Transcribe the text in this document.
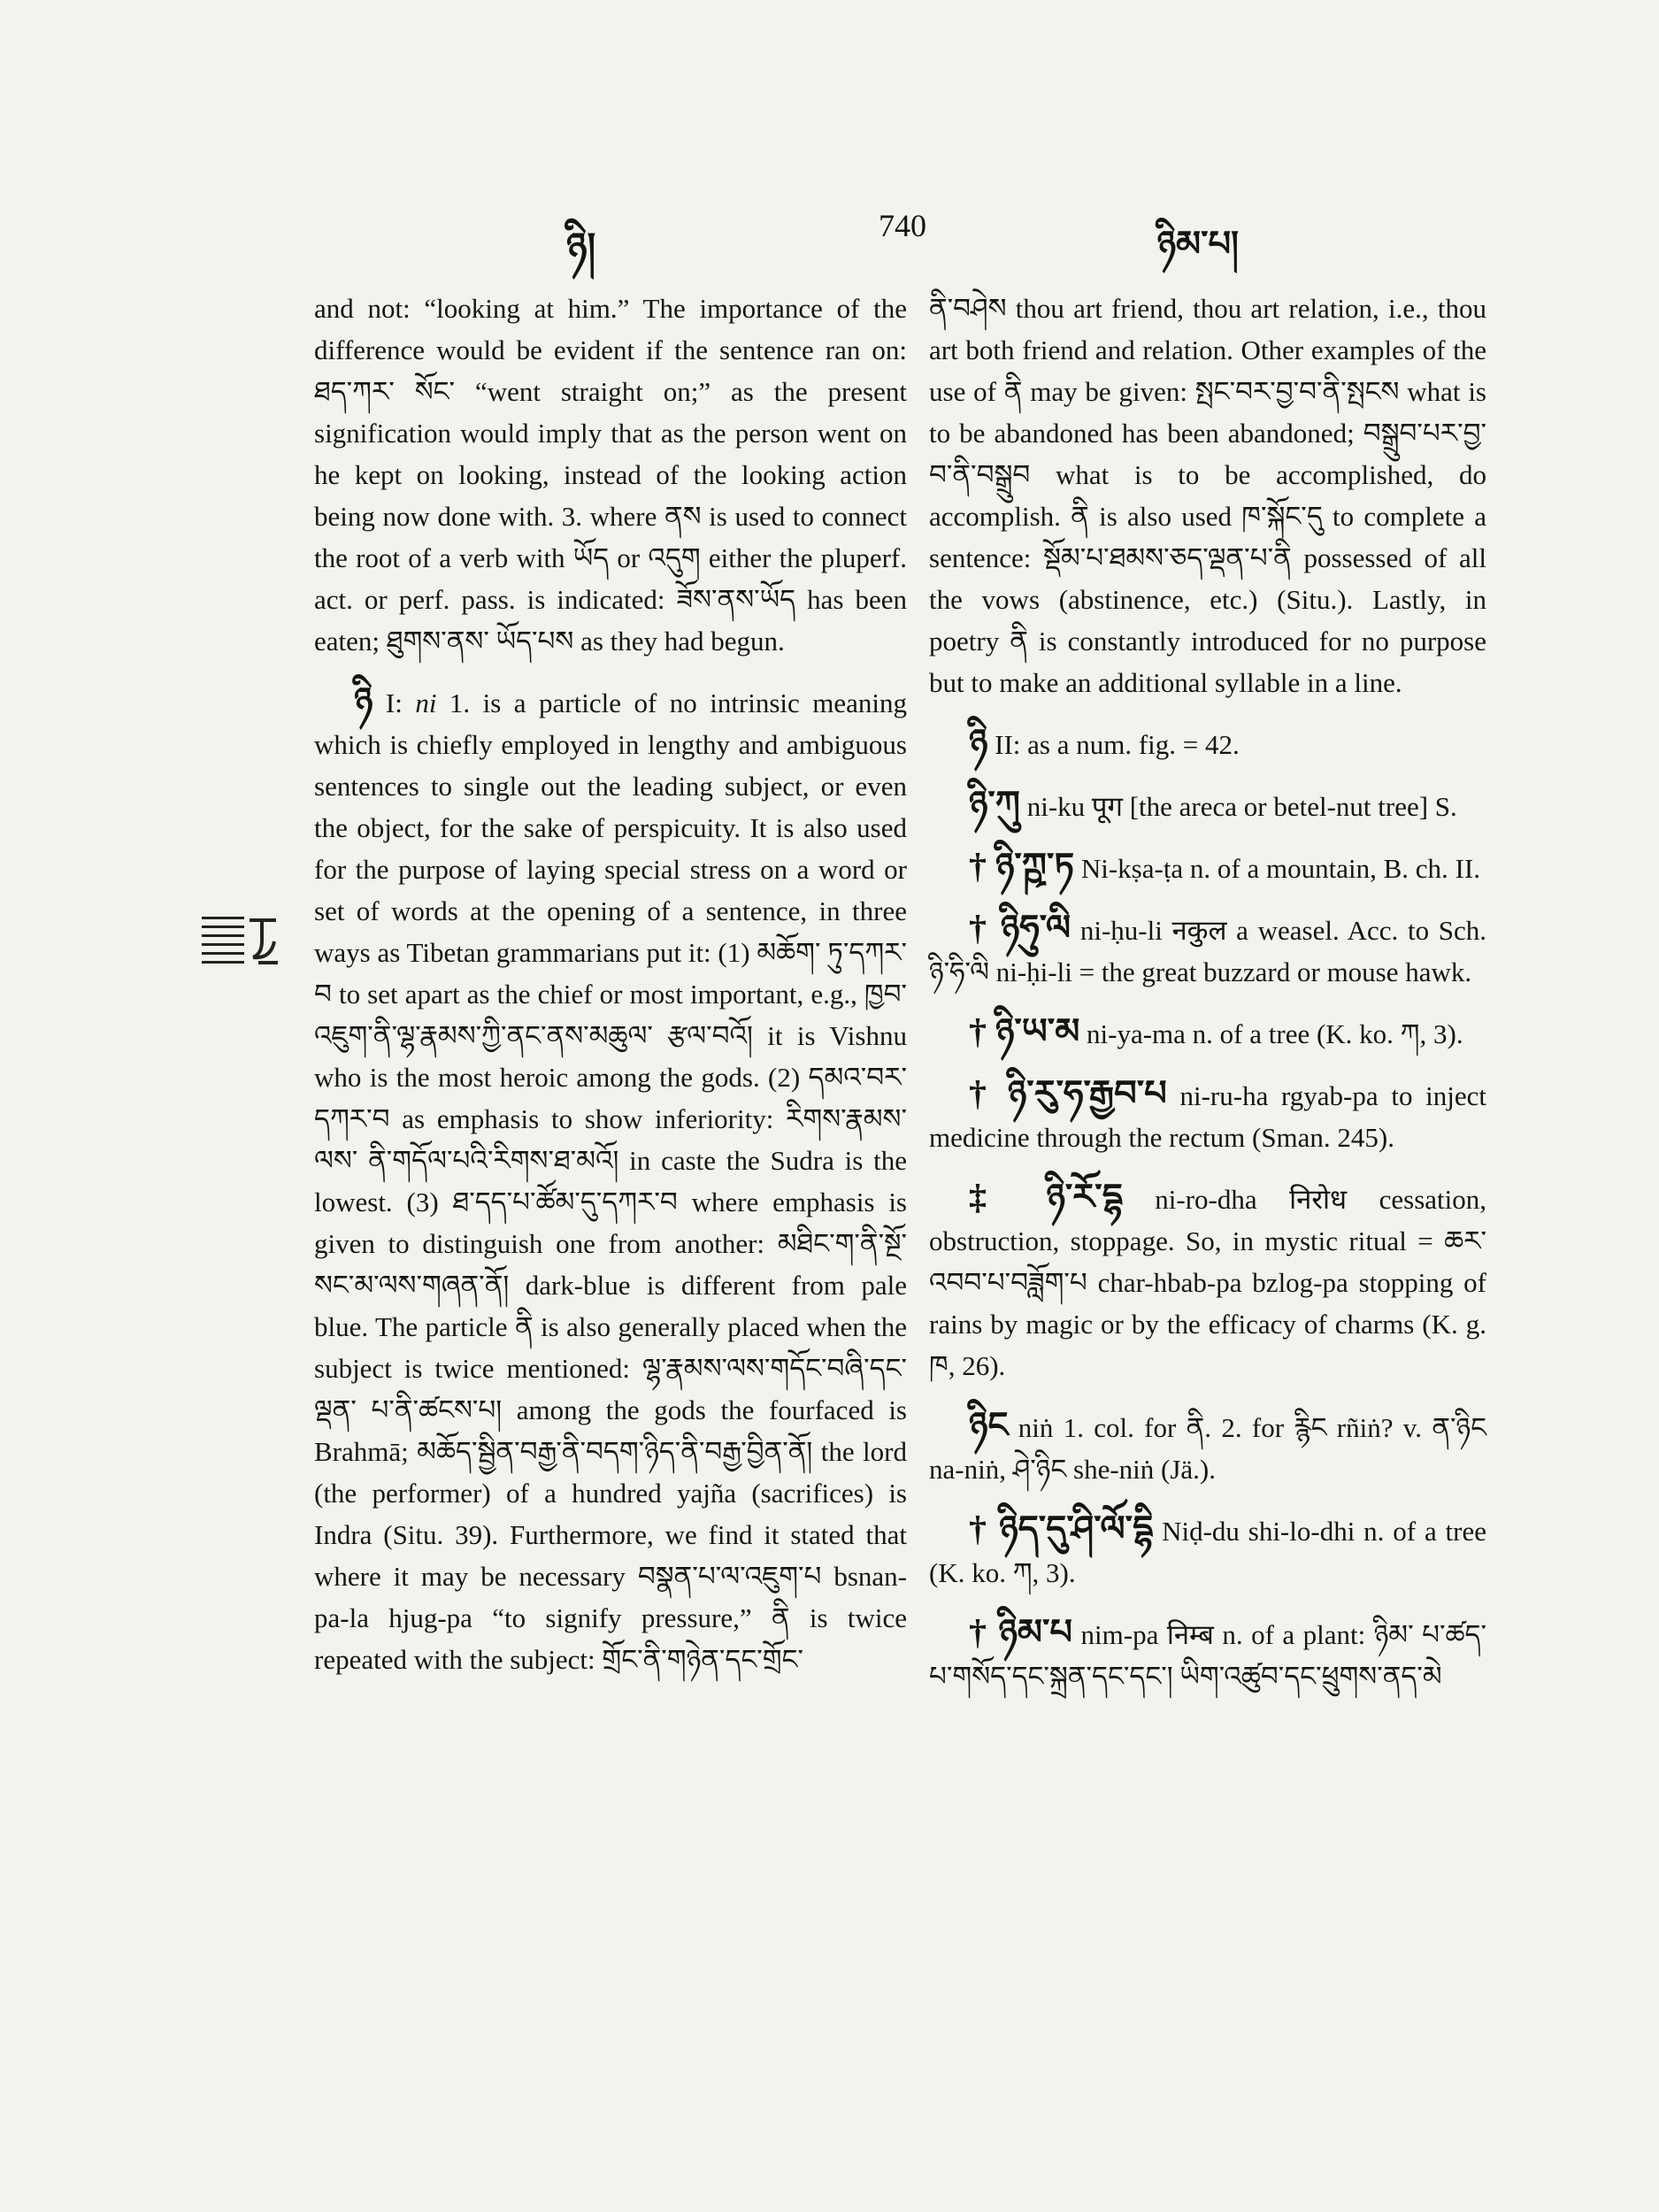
ཉི།	740	ཉིམ་པ།

and not: “looking at him.” The importance of the difference would be evident if the sentence ran on: ཐད་ཀར་ སོང་ “went straight on;” as the present signification would imply that as the person went on he kept on looking, instead of the looking action being now done with. 3. where ནས is used to connect the root of a verb with ཡོད or འདུག either the pluperf. act. or perf. pass. is indicated: ཟོས་ནས་ཡོད has been eaten; ཐུགས་ནས་ ཡོད་པས as they had begun.

ཉི I: ni 1. is a particle of no intrinsic meaning which is chiefly employed in lengthy and ambiguous sentences to single out the leading subject, or even the object, for the sake of perspicuity. It is also used for the purpose of laying special stress on a word or set of words at the opening of a sentence, in three ways as Tibetan grammarians put it: (1) མཆོག་ ཏུ་དཀར་བ to set apart as the chief or most important, e.g., ཁྱབ་འཇུག་ནི་ལྷ་རྣམས་ཀྱི་ནང་ནས་མཆུལ་ རྩལ་བའོ། it is Vishnu who is the most heroic among the gods. (2) དམའ་བར་དཀར་བ as emphasis to show inferiority: རིགས་རྣམས་ལས་ ནི་གདོལ་པའི་རིགས་ཐ་མའོ། in caste the Sudra is the lowest. (3) ཐ་དད་པ་ཚོམ་དུ་དཀར་བ where emphasis is given to distinguish one from another: མཐིང་ག་ནི་སྔོ་སང་མ་ལས་གཞན་ནོ། dark-blue is different from pale blue. The particle ནི is also generally placed when the subject is twice mentioned: ལྷ་རྣམས་ལས་གདོང་བཞི་དང་ལྡན་ པ་ནི་ཚངས་པ། among the gods the fourfaced is Brahmā; མཆོད་སྦྱིན་བརྒྱ་ནི་བདག་ཉིད་ནི་བརྒྱ་བྱིན་ནོ། the lord (the performer) of a hundred yajña (sacrifices) is Indra (Situ. 39). Furthermore, we find it stated that where it may be necessary བསྣན་པ་ལ་འཇུག་པ bsnan-pa-la hjug-pa “to signify pressure,” ནི is twice repeated with the subject: གྲོང་ནི་གཉེན་དང་གྲོང་

ནི་བཤེས thou art friend, thou art relation, i.e., thou art both friend and relation. Other examples of the use of ནི may be given: སྤང་བར་བྱ་བ་ནི་སྤངས what is to be abandoned has been abandoned; བསྒྲུབ་པར་བྱ་བ་ནི་བསྒྲུབ what is to be accomplished, do accomplish. ནི is also used ཁ་སྐོང་དུ to complete a sentence: སྡོམ་པ་ཐམས་ཅད་ལྡན་པ་ནི possessed of all the vows (abstinence, etc.) (Situ.). Lastly, in poetry ནི is constantly introduced for no purpose but to make an additional syllable in a line.

ཉི II: as a num. fig. = 42.

ཉི་ཀུ ni-ku पूग [the areca or betel-nut tree] S.

† ཉི་ཀྵ་ཏ Ni-kṣa-ṭa n. of a mountain, B. ch. II.

† ཉིཧུ་ལི ni-ḥu-li नकुल a weasel. Acc. to Sch. ཉི་ཧི་ལི ni-ḥi-li = the great buzzard or mouse hawk.

† ཉི་ཡ་མ ni-ya-ma n. of a tree (K. ko. ཀ, 3).

† ཉི་རུ་ཧ་རྒྱབ་པ ni-ru-ha rgyab-pa to inject medicine through the rectum (Sman. 245).

‡ ཉི་རོ་དྷ ni-ro-dha निरोध cessation, obstruction, stoppage. So, in mystic ritual = ཆར་འབབ་པ་བཟློག་པ char-hbab-pa bzlog-pa stopping of rains by magic or by the efficacy of charms (K. g. ཁ, 26).

ཉིང niṅ 1. col. for ནི. 2. for རྙིང rñiṅ? v. ན་ཉིང na-niṅ, ཤེ་ཉིང she-niṅ (Jä.).

† ཉིད་དུ་ཤི་ལོ་དྷི Niḍ-du shi-lo-dhi n. of a tree (K. ko. ཀ, 3).

† ཉིམ་པ nim-pa निम्ब n. of a plant: ཉིམ་ པ་ཚད་པ་གསོད་དང་སྐྲན་དང་དང་། ཡིག་འཚུབ་དང་ཕྲུགས་ནད་མེ
